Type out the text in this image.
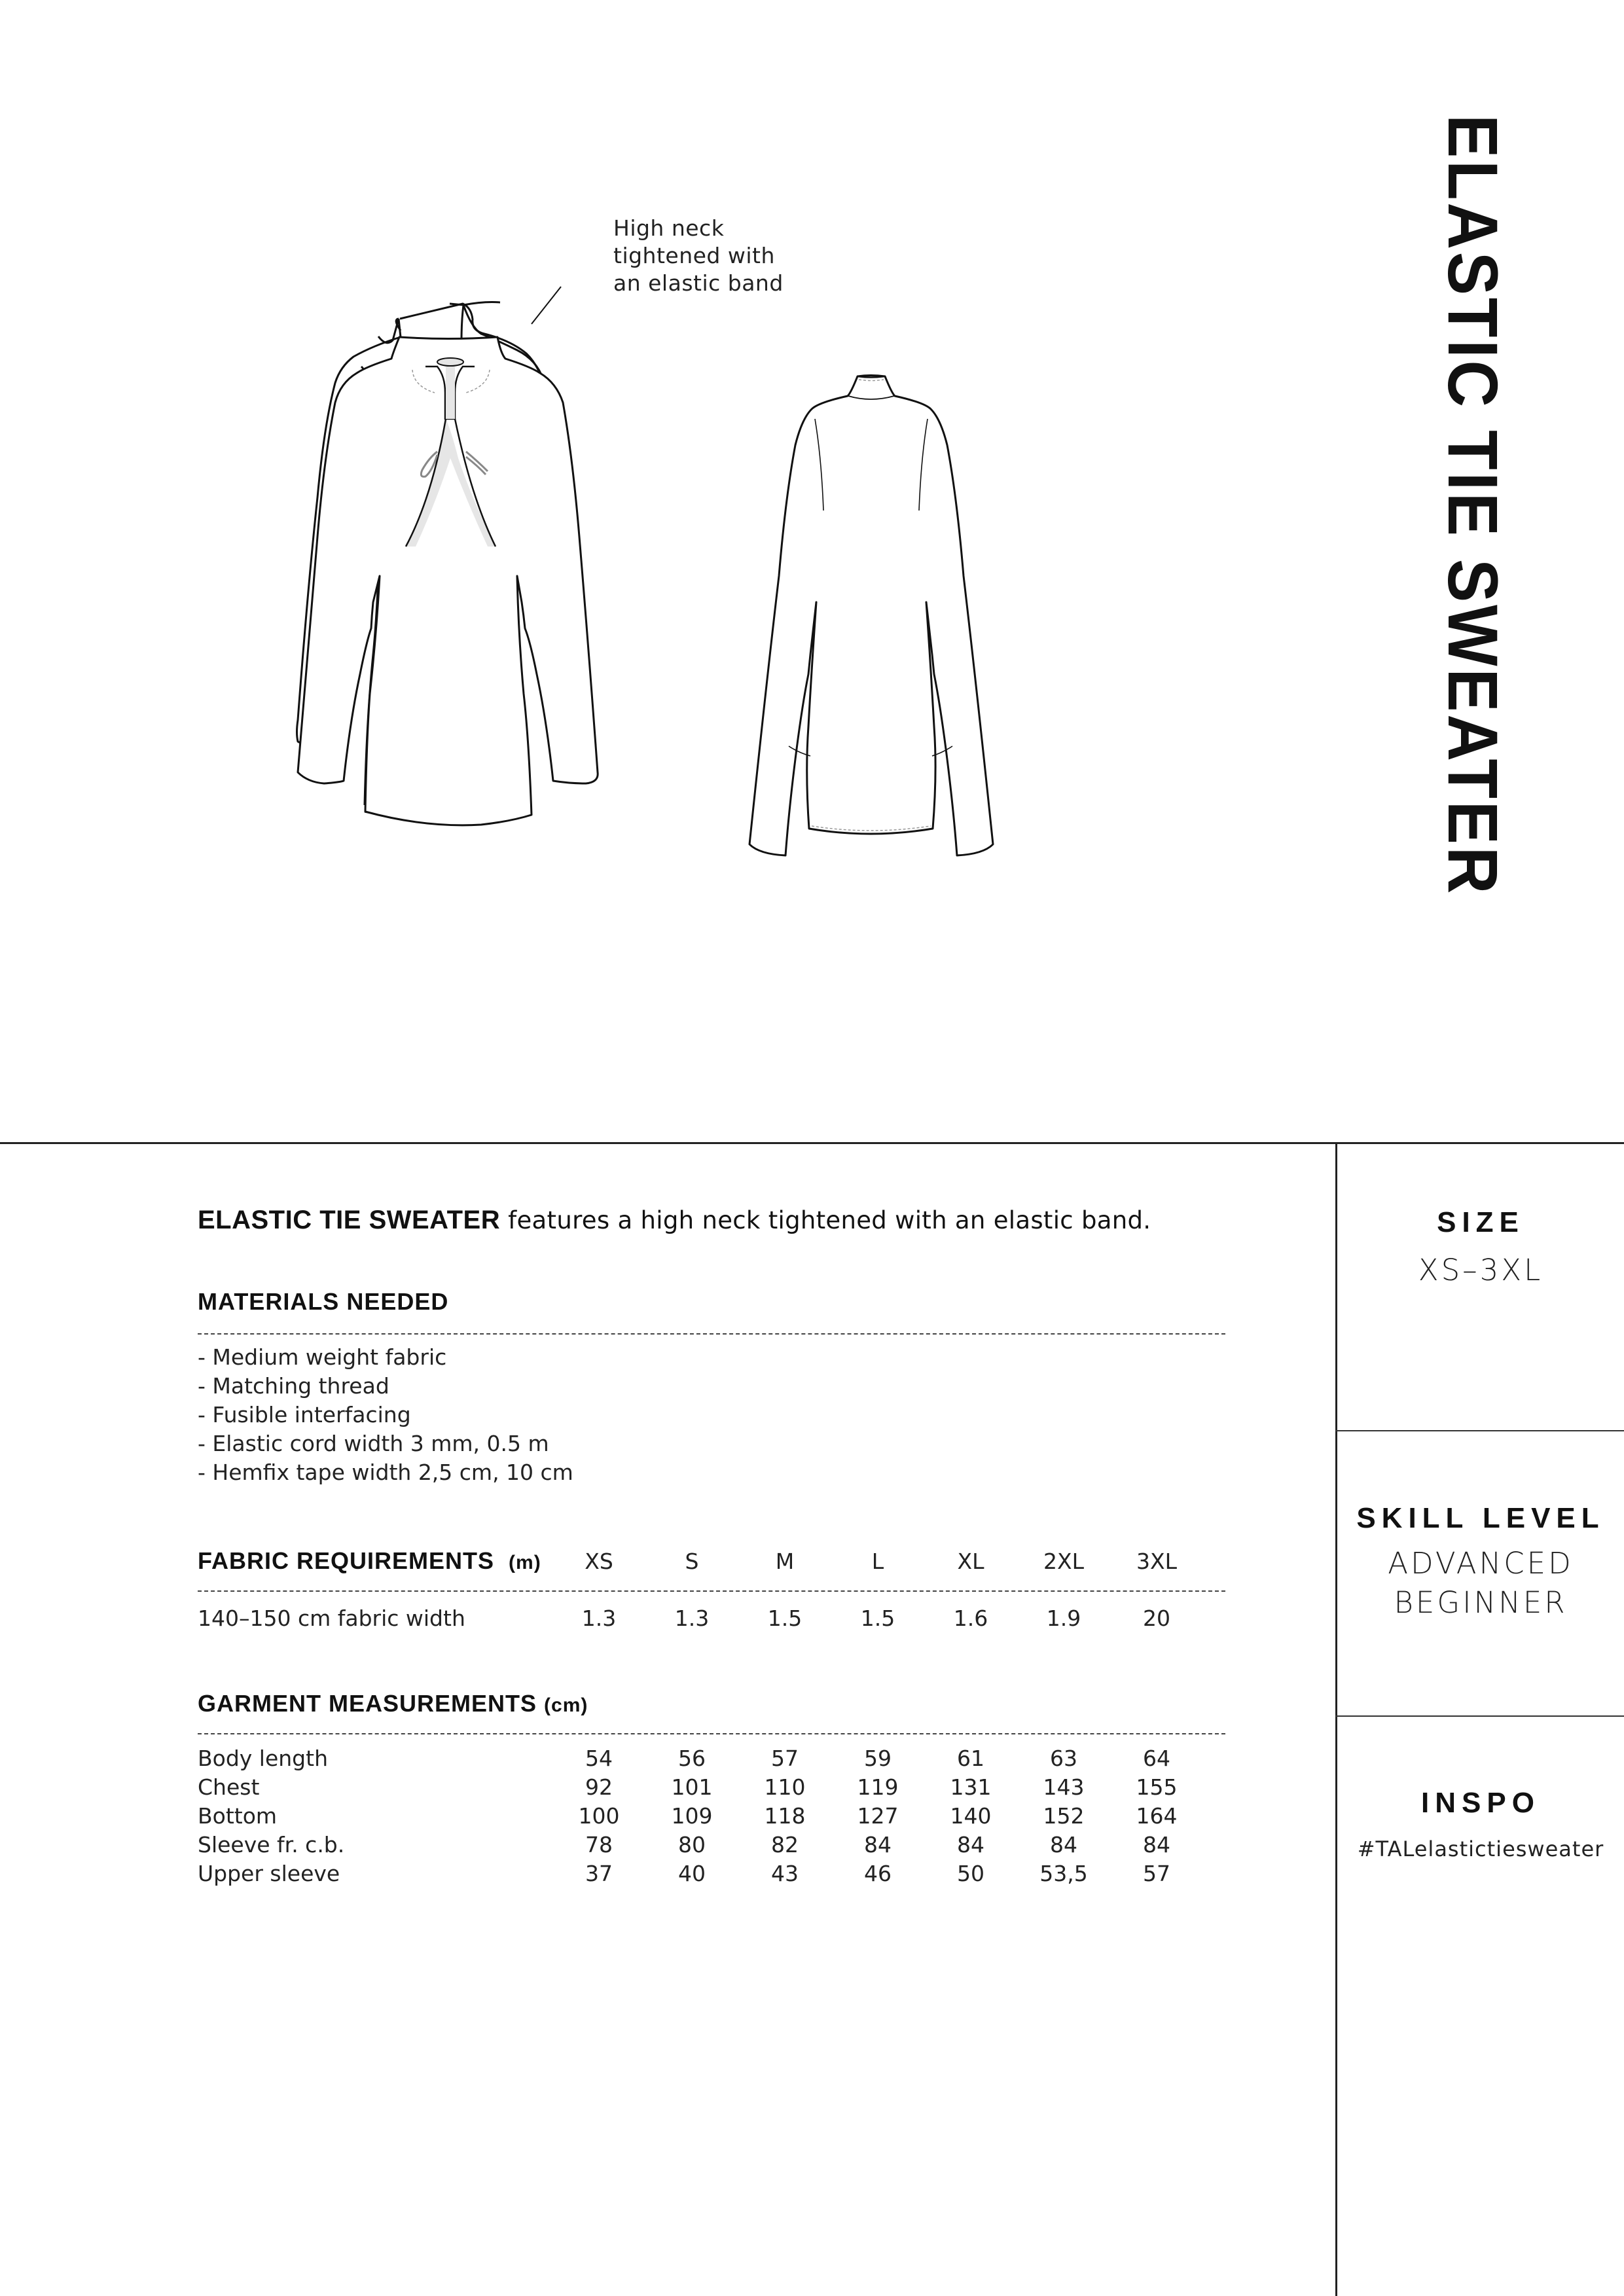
ELASTIC TIE SWEATER
High neck
tightened with
an elastic band
ELASTIC TIE SWEATER features a high neck tightened with an elastic band.
MATERIALS NEEDED
- Medium weight fabric
- Matching thread
- Fusible interfacing
- Elastic cord width 3 mm, 0.5 m
- Hemfix tape width 2,5 cm, 10 cm
FABRIC REQUIREMENTS (m)	XS	S	M	L	XL	2XL	3XL
140–150 cm fabric width	1.3	1.3	1.5	1.5	1.6	1.9	20
GARMENT MEASUREMENTS (cm)
Body length	54	56	57	59	61	63	64
Chest	92	101	110	119	131	143	155
Bottom	100	109	118	127	140	152	164
Sleeve fr. c.b.	78	80	82	84	84	84	84
Upper sleeve	37	40	43	46	50	53,5	57
SIZE
XS–3XL
SKILL LEVEL
ADVANCED
BEGINNER
INSPO
#TALelastictiesweater
